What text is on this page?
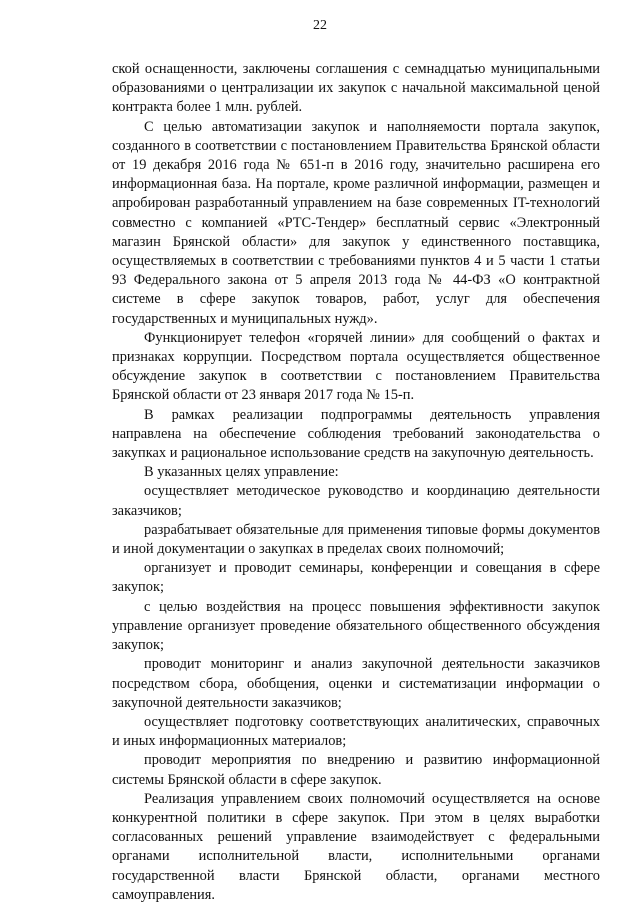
22

ской оснащенности, заключены соглашения с семнадцатью муниципальными образованиями о централизации их закупок с начальной максимальной ценой контракта более 1 млн. рублей.

С целью автоматизации закупок и наполняемости портала закупок, созданного в соответствии с постановлением Правительства Брянской области от 19 декабря 2016 года № 651-п в 2016 году, значительно расширена его информационная база. На портале, кроме различной информации, размещен и апробирован разработанный управлением на базе современных IT-технологий совместно с компанией «РТС-Тендер» бесплатный сервис «Электронный магазин Брянской области» для закупок у единственного поставщика, осуществляемых в соответствии с требованиями пунктов 4 и 5 части 1 статьи 93 Федерального закона от 5 апреля 2013 года № 44-ФЗ «О контрактной системе в сфере закупок товаров, работ, услуг для обеспечения государственных и муниципальных нужд».

Функционирует телефон «горячей линии» для сообщений о фактах и признаках коррупции. Посредством портала осуществляется общественное обсуждение закупок в соответствии с постановлением Правительства Брянской области от 23 января 2017 года № 15-п.

В рамках реализации подпрограммы деятельность управления направлена на обеспечение соблюдения требований законодательства о закупках и рациональное использование средств на закупочную деятельность.

В указанных целях управление:

осуществляет методическое руководство и координацию деятельности заказчиков;

разрабатывает обязательные для применения типовые формы документов и иной документации о закупках в пределах своих полномочий;

организует и проводит семинары, конференции и совещания в сфере закупок;

с целью воздействия на процесс повышения эффективности закупок управление организует проведение обязательного общественного обсуждения закупок;

проводит мониторинг и анализ закупочной деятельности заказчиков посредством сбора, обобщения, оценки и систематизации информации о закупочной деятельности заказчиков;

осуществляет подготовку соответствующих аналитических, справочных и иных информационных материалов;

проводит мероприятия по внедрению и развитию информационной системы Брянской области в сфере закупок.

Реализация управлением своих полномочий осуществляется на основе конкурентной политики в сфере закупок. При этом в целях выработки согласованных решений управление взаимодействует с федеральными органами исполнительной власти, исполнительными органами государственной власти Брянской области, органами местного самоуправления.
